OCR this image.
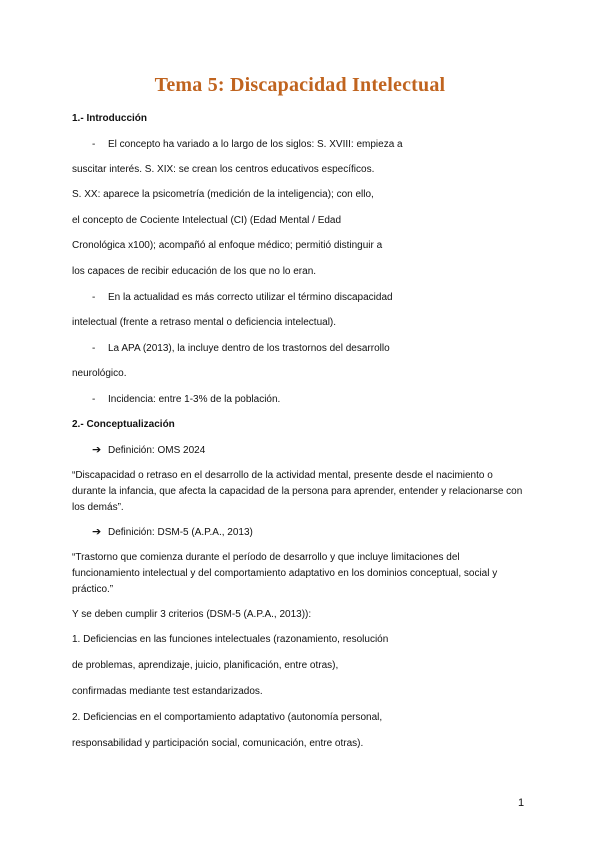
Tema 5: Discapacidad Intelectual
1.- Introducción
- El concepto ha variado a lo largo de los siglos: S. XVIII: empieza a
suscitar interés. S. XIX: se crean los centros educativos específicos.
S. XX: aparece la psicometría (medición de la inteligencia); con ello,
el concepto de Cociente Intelectual (CI) (Edad Mental / Edad
Cronológica x100); acompañó al enfoque médico; permitió distinguir a
los capaces de recibir educación de los que no lo eran.
- En la actualidad es más correcto utilizar el término discapacidad
intelectual (frente a retraso mental o deficiencia intelectual).
- La APA (2013), la incluye dentro de los trastornos del desarrollo
neurológico.
- Incidencia: entre 1-3% de la población.
2.- Conceptualización
➔ Definición: OMS 2024
“Discapacidad o retraso en el desarrollo de la actividad mental, presente desde el nacimiento o durante la infancia, que afecta la capacidad de la persona para aprender, entender y relacionarse con los demás”.
➔ Definición: DSM-5 (A.P.A., 2013)
“Trastorno que comienza durante el período de desarrollo y que incluye limitaciones del funcionamiento intelectual y del comportamiento adaptativo en los dominios conceptual, social y práctico.”
Y se deben cumplir 3 criterios (DSM-5 (A.P.A., 2013)):
1. Deficiencias en las funciones intelectuales (razonamiento, resolución
de problemas, aprendizaje, juicio, planificación, entre otras),
confirmadas mediante test estandarizados.
2. Deficiencias en el comportamiento adaptativo (autonomía personal,
responsabilidad y participación social, comunicación, entre otras).
1
